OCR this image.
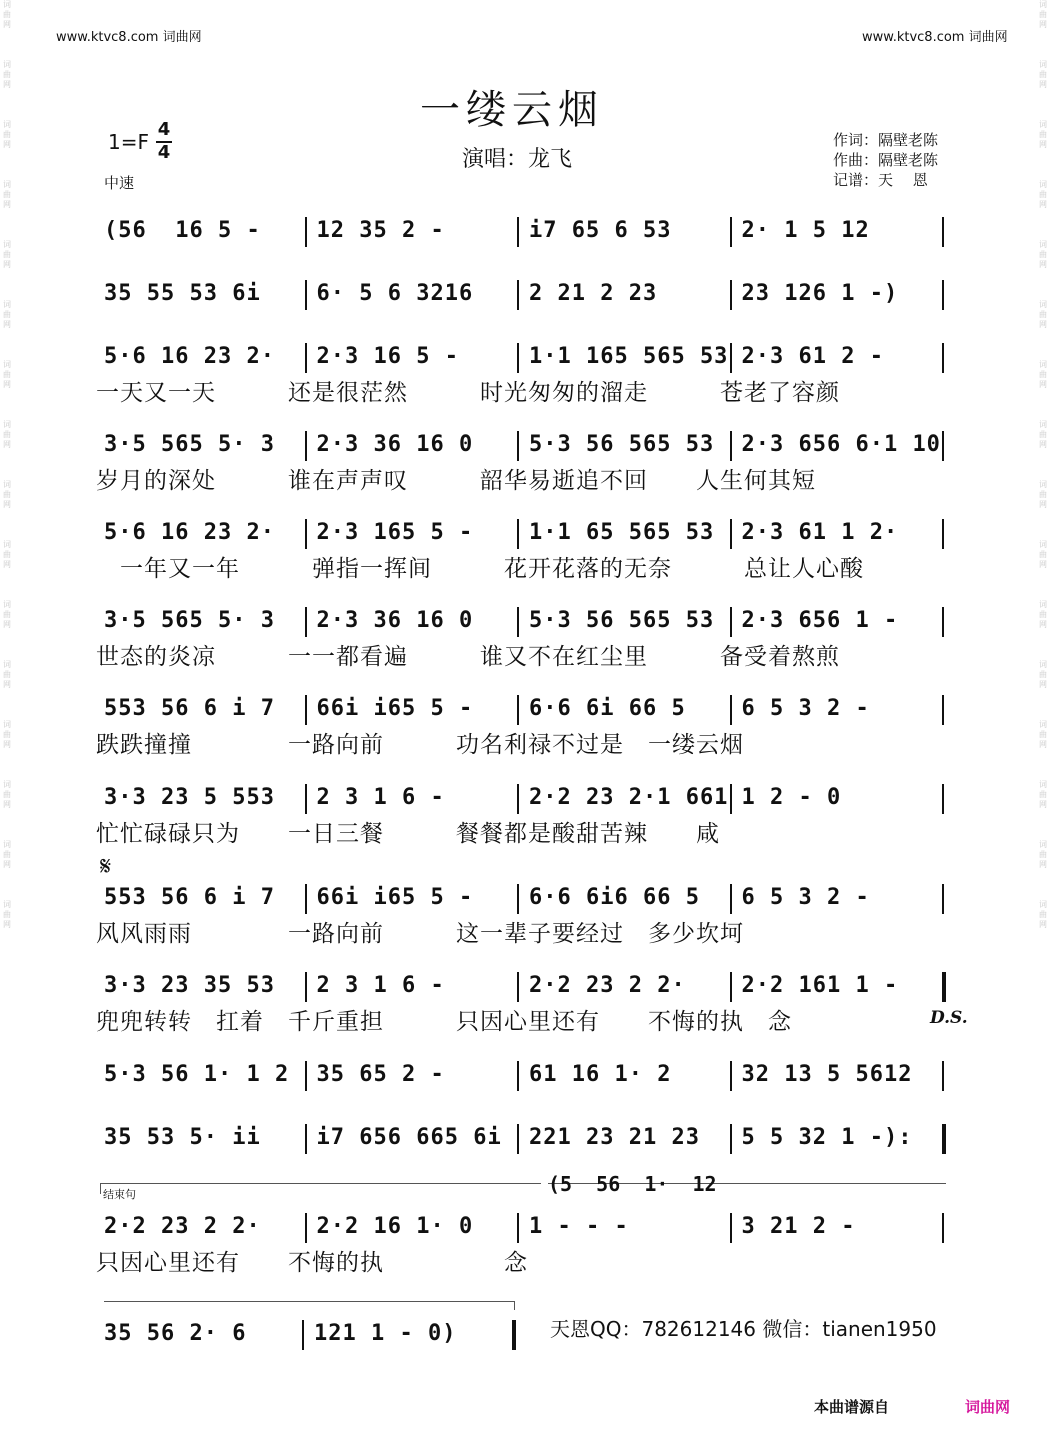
词
曲
网
词
曲
网
词
曲
网
词
曲
网
词
曲
网
词
曲
网
词
曲
网
词
曲
网
词
曲
网
词
曲
网
词
曲
网
词
曲
网
词
曲
网
词
曲
网
词
曲
网
词
曲
网
词
曲
网
词
曲
网
词
曲
网
词
曲
网
词
曲
网
词
曲
网
词
曲
网
词
曲
网
词
曲
网
词
曲
网
词
曲
网
词
曲
网
词
曲
网
词
曲
网
词
曲
网
词
曲
网
www.ktvc8.com 词曲网	www.ktvc8.com 词曲网
一缕云烟
1=F
4
4
中速
演唱：龙飞
作词：隔壁老陈
作曲：隔壁老陈
记谱：天　 恩
(56  16 5 -	12 35 2 -	i7 65 6 53	2· 1 5 12
35 55 53 6i	6· 5 6 3216	2 21 2 23	23 126 1 -)
5·6 16 23 2· 2·3 16 5 -	1·1 165 565 53 2·3 61 2 -
3·5 565 5· 3 2·3 36 16 0	5·3 56 565 53 2·3 656 6·1 10
5·6 16 23 2· 2·3 165 5 -	1·1 65 565 53 2·3 61 1 2·
3·5 565 5· 3 2·3 36 16 0	5·3 56 565 53 2·3 656 1 -
553 56 6 i 7 66i i65 5 -	6·6 6i 66 5	6 5 3 2 -
3·3 23 5 553 2 3 1 6 -	2·2 23 2·1 661 1 2 - 0
553 56 6 i 7 66i i65 5 -	6·6 6i6 66 5 6 5 3 2 -
3·3 23 35 53 2 3 1 6 -	2·2 23 2 2·	2·2 161 1 -
5·3 56 1· 1 2 35 65 2 -	61 16 1· 2	32 13 5 5612
35 53 5· ii	i7 656 665 6i 221 23 21 23 5 5 32 1 -):
2·2 23 2 2·	2·2 16 1· 0	1 - - -	3 21 2 -
35 56 2· 6	121 1 - 0)
𝄋
D.S.
结束句	(5  56  1·  12
天恩QQ：782612146 微信：tianen1950
本曲谱源自	词曲网
一天又一天　　　还是很茫然　　　时光匆匆的溜走　　　苍老了容颜
岁月的深处　　　谁在声声叹　　　韶华易逝追不回　　人生何其短
　一年又一年　　　弹指一挥间　　　花开花落的无奈　　　总让人心酸
世态的炎凉　　　一一都看遍　　　谁又不在红尘里　　　备受着熬煎
跌跌撞撞　　　　一路向前　　　功名利禄不过是　一缕云烟
忙忙碌碌只为　　一日三餐　　　餐餐都是酸甜苦辣　　咸
风风雨雨　　　　一路向前　　　这一辈子要经过　多少坎坷
兜兜转转　扛着　千斤重担　　　只因心里还有　　不悔的执　念
只因心里还有　　不悔的执　　　　　念
